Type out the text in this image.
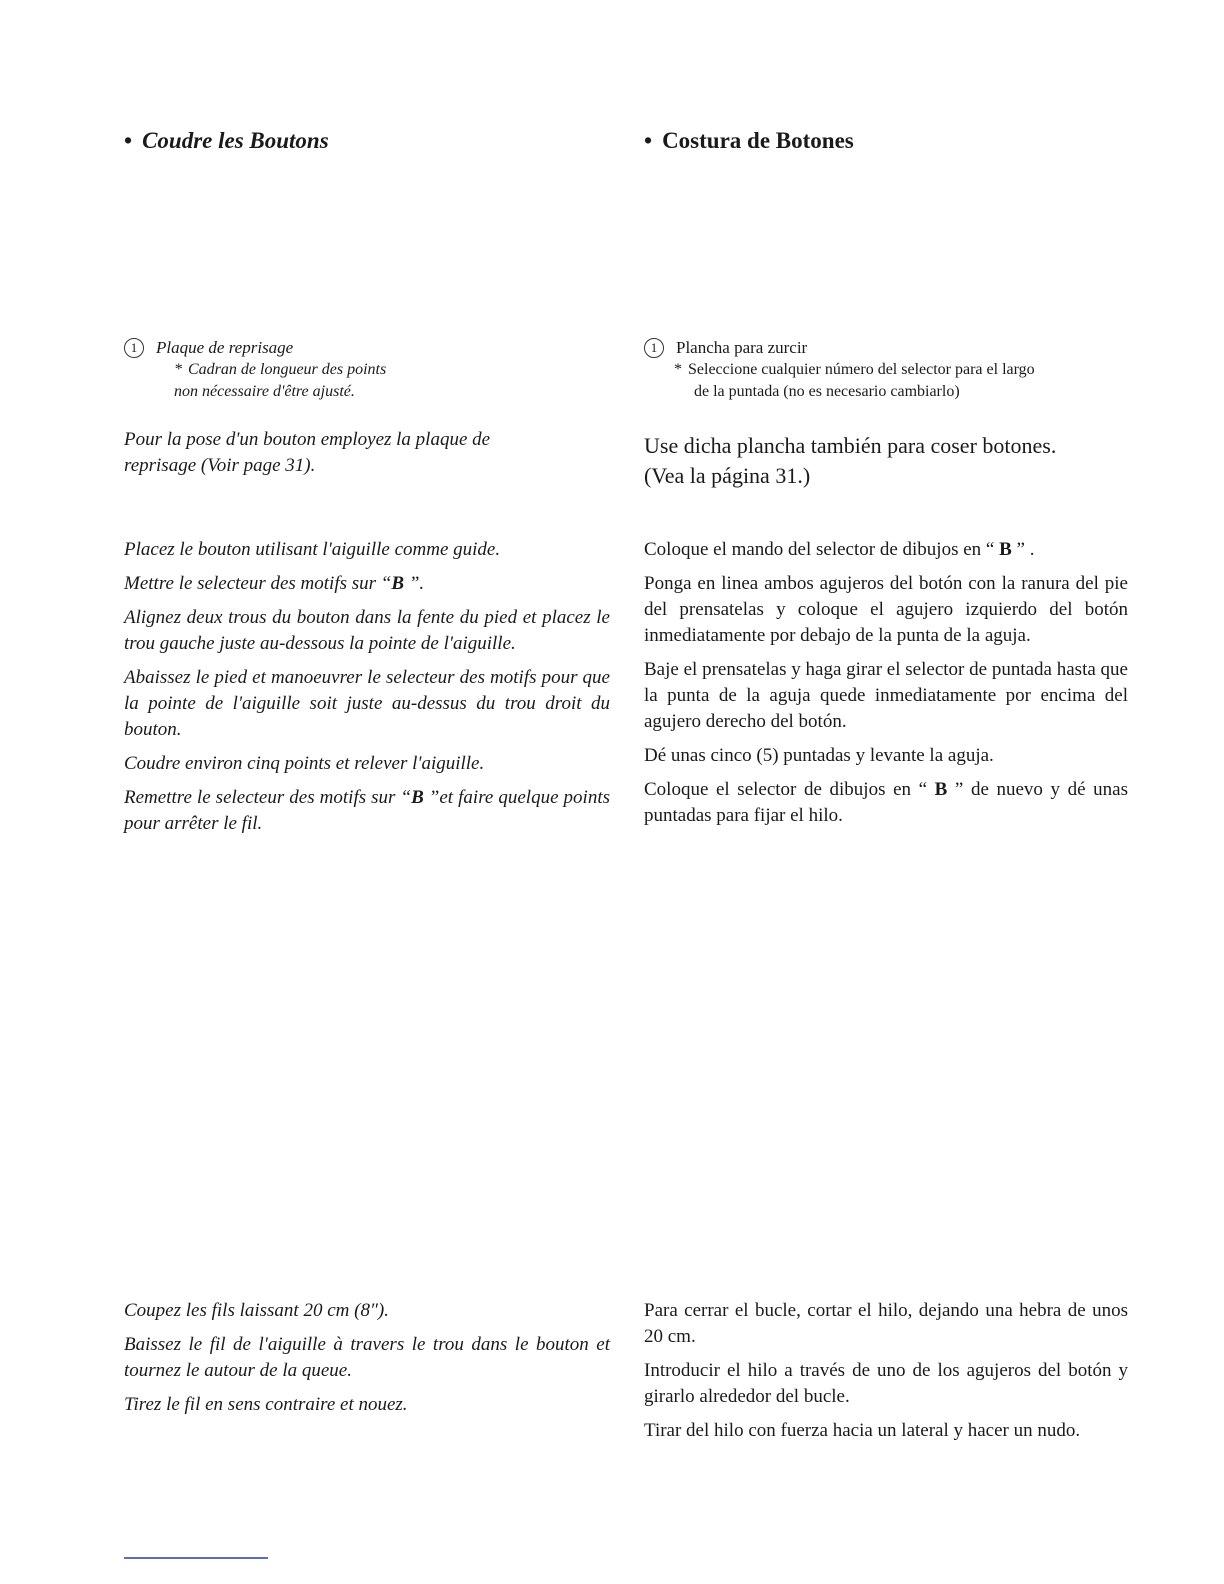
• Coudre les Boutons	• Costura de Botones
1 Plaque de reprisage
* Cadran de longueur des points
non nécessaire d'être ajusté.
1 Plancha para zurcir
* Seleccione cualquier número del selector para el largo
de la puntada (no es necesario cambiarlo)
Pour la pose d'un bouton employez la plaque de
reprisage (Voir page 31).
Use dicha plancha también para coser botones.
(Vea la página 31.)

Placez le bouton utilisant l'aiguille comme guide.

Mettre le selecteur des motifs sur “B ”.

Alignez deux trous du bouton dans la fente du pied et placez le trou gauche juste au-dessous la pointe de l'aiguille.

Abaissez le pied et manoeuvrer le selecteur des motifs pour que la pointe de l'aiguille soit juste au-dessus du trou droit du bouton.

Coudre environ cinq points et relever l'aiguille.

Remettre le selecteur des motifs sur “B ”et faire quelque points pour arrêter le fil.

Coloque el mando del selector de dibujos en “ B ” .

Ponga en linea ambos agujeros del botón con la ranura del pie del prensatelas y coloque el agujero izquierdo del botón inmediatamente por debajo de la punta de la aguja.

Baje el prensatelas y haga girar el selector de puntada hasta que la punta de la aguja quede inmediatamente por encima del agujero derecho del botón.

Dé unas cinco (5) puntadas y levante la aguja.

Coloque el selector de dibujos en “ B ” de nuevo y dé unas puntadas para fijar el hilo.

Coupez les fils laissant 20 cm (8″).

Baissez le fil de l'aiguille à travers le trou dans le bouton et tournez le autour de la queue.

Tirez le fil en sens contraire et nouez.

Para cerrar el bucle, cortar el hilo, dejando una hebra de unos 20 cm.

Introducir el hilo a través de uno de los agujeros del botón y girarlo alrededor del bucle.

Tirar del hilo con fuerza hacia un lateral y hacer un nudo.
